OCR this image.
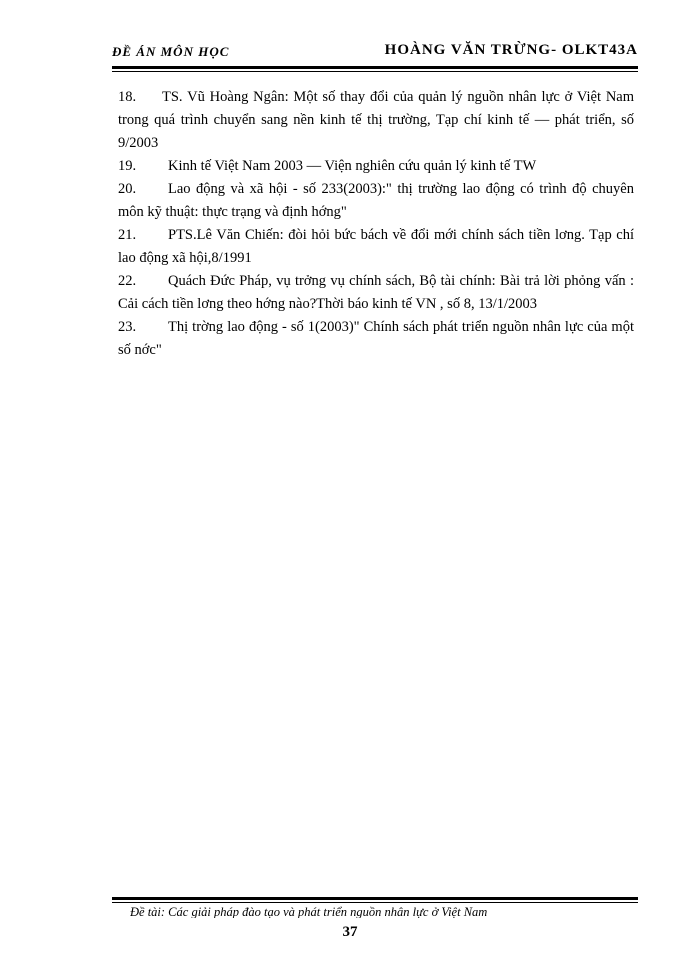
ĐỀ ÁN MÔN HỌC	HOÀNG VĂN TRỪNG- OLKT43A

18. TS. Vũ Hoàng Ngân: Một số thay đổi của quản lý nguồn nhân lực ở Việt Nam trong quá trình chuyển sang nền kinh tế thị trường, Tạp chí kinh tế — phát triển, số 9/2003

19. Kinh tế Việt Nam 2003 — Viện nghiên cứu quản lý kinh tế TW

20. Lao động và xã hội - số 233(2003):" thị trường lao động có trình độ chuyên môn kỹ thuật: thực trạng và định hớng"

21. PTS.Lê Văn Chiến: đòi hỏi bức bách về đổi mới chính sách tiền lơng. Tạp chí lao động xã hội,8/1991

22. Quách Đức Pháp, vụ trởng vụ chính sách, Bộ tài chính: Bài trả lời phỏng vấn : Cải cách tiền lơng theo hớng nào?Thời báo kinh tế VN , số 8, 13/1/2003

23. Thị trờng lao động - số 1(2003)" Chính sách phát triển nguồn nhân lực của một số nớc"

Đề tài: Các giải pháp đào tạo và phát triển nguồn nhân lực ở Việt Nam
37
